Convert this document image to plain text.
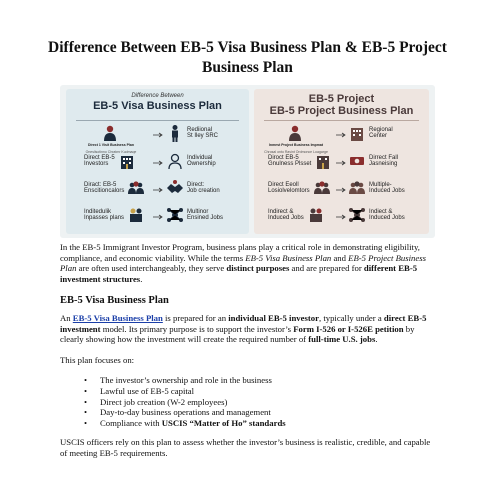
Difference Between EB-5 Visa Business Plan & EB-5 Project Business Plan
Difference Between
EB-5 Visa Business Plan
Direct 1 Visit Business Plan
Oneslisotinno Chratmr Kudmaqe
Rediional
St Iley SRC
Direct EB-5
Investors
Individual
Ownership
Diract: EB-5
Enscitioncalors
Direct:
Job creation
Inditedulik
Inpasses plans
Multinor
Ensined Jobs
EB-5 Project
EB-5 Project Business Plan
Inmest Project Business Impmat
Chrosal onto Ravint Ordmonce Loagarge
Regional
Center
Diroct EB-5
Gnulness Plsset
Dirrect Fall
Jasneising
Direct Eeoll
Losiolvelomtors
Multiple-
Induced Jobs
Indirect &
Induced Jobs
Indiect &
Induced Jobs

In the EB-5 Immigrant Investor Program, business plans play a critical role in demonstrating eligibility, compliance, and economic viability. While the terms EB-5 Visa Business Plan and EB-5 Project Business Plan are often used interchangeably, they serve distinct purposes and are prepared for different EB-5 investment structures.

EB-5 Visa Business Plan

An EB-5 Visa Business Plan is prepared for an individual EB-5 investor, typically under a direct EB-5 investment model. Its primary purpose is to support the investor’s Form I-526 or I-526E petition by clearly showing how the investment will create the required number of full-time U.S. jobs.

This plan focuses on:

• The investor’s ownership and role in the business
• Lawful use of EB-5 capital
• Direct job creation (W-2 employees)
• Day-to-day business operations and management
• Compliance with USCIS “Matter of Ho” standards

USCIS officers rely on this plan to assess whether the investor’s business is realistic, credible, and capable of meeting EB-5 requirements.
